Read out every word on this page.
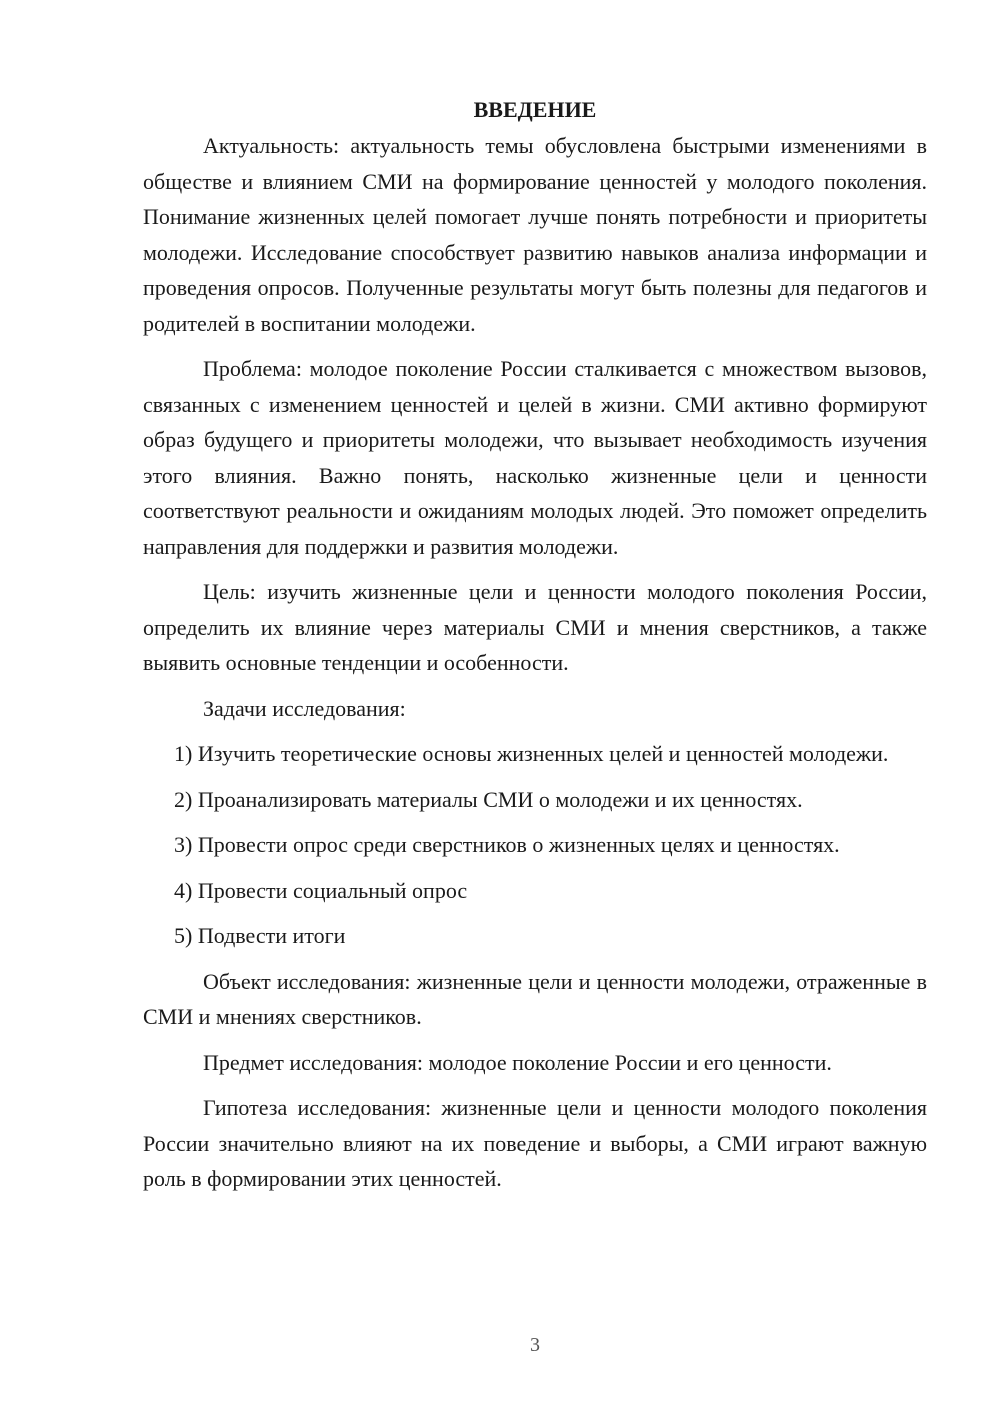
ВВЕДЕНИЕ

Актуальность: актуальность темы обусловлена быстрыми изменениями в обществе и влиянием СМИ на формирование ценностей у молодого поколения. Понимание жизненных целей помогает лучше понять потребности и приоритеты молодежи. Исследование способствует развитию навыков анализа информации и проведения опросов. Полученные результаты могут быть полезны для педагогов и родителей в воспитании молодежи.

Проблема: молодое поколение России сталкивается с множеством вызовов, связанных с изменением ценностей и целей в жизни. СМИ активно формируют образ будущего и приоритеты молодежи, что вызывает необходимость изучения этого влияния. Важно понять, насколько жизненные цели и ценности соответствуют реальности и ожиданиям молодых людей. Это поможет определить направления для поддержки и развития молодежи.

Цель: изучить жизненные цели и ценности молодого поколения России, определить их влияние через материалы СМИ и мнения сверстников, а также выявить основные тенденции и особенности.

Задачи исследования:

1) Изучить теоретические основы жизненных целей и ценностей молодежи.

2) Проанализировать материалы СМИ о молодежи и их ценностях.

3) Провести опрос среди сверстников о жизненных целях и ценностях.

4) Провести социальный опрос

5) Подвести итоги

Объект исследования: жизненные цели и ценности молодежи, отраженные в СМИ и мнениях сверстников.

Предмет исследования: молодое поколение России и его ценности.

Гипотеза исследования: жизненные цели и ценности молодого поколения России значительно влияют на их поведение и выборы, а СМИ играют важную роль в формировании этих ценностей.

3
